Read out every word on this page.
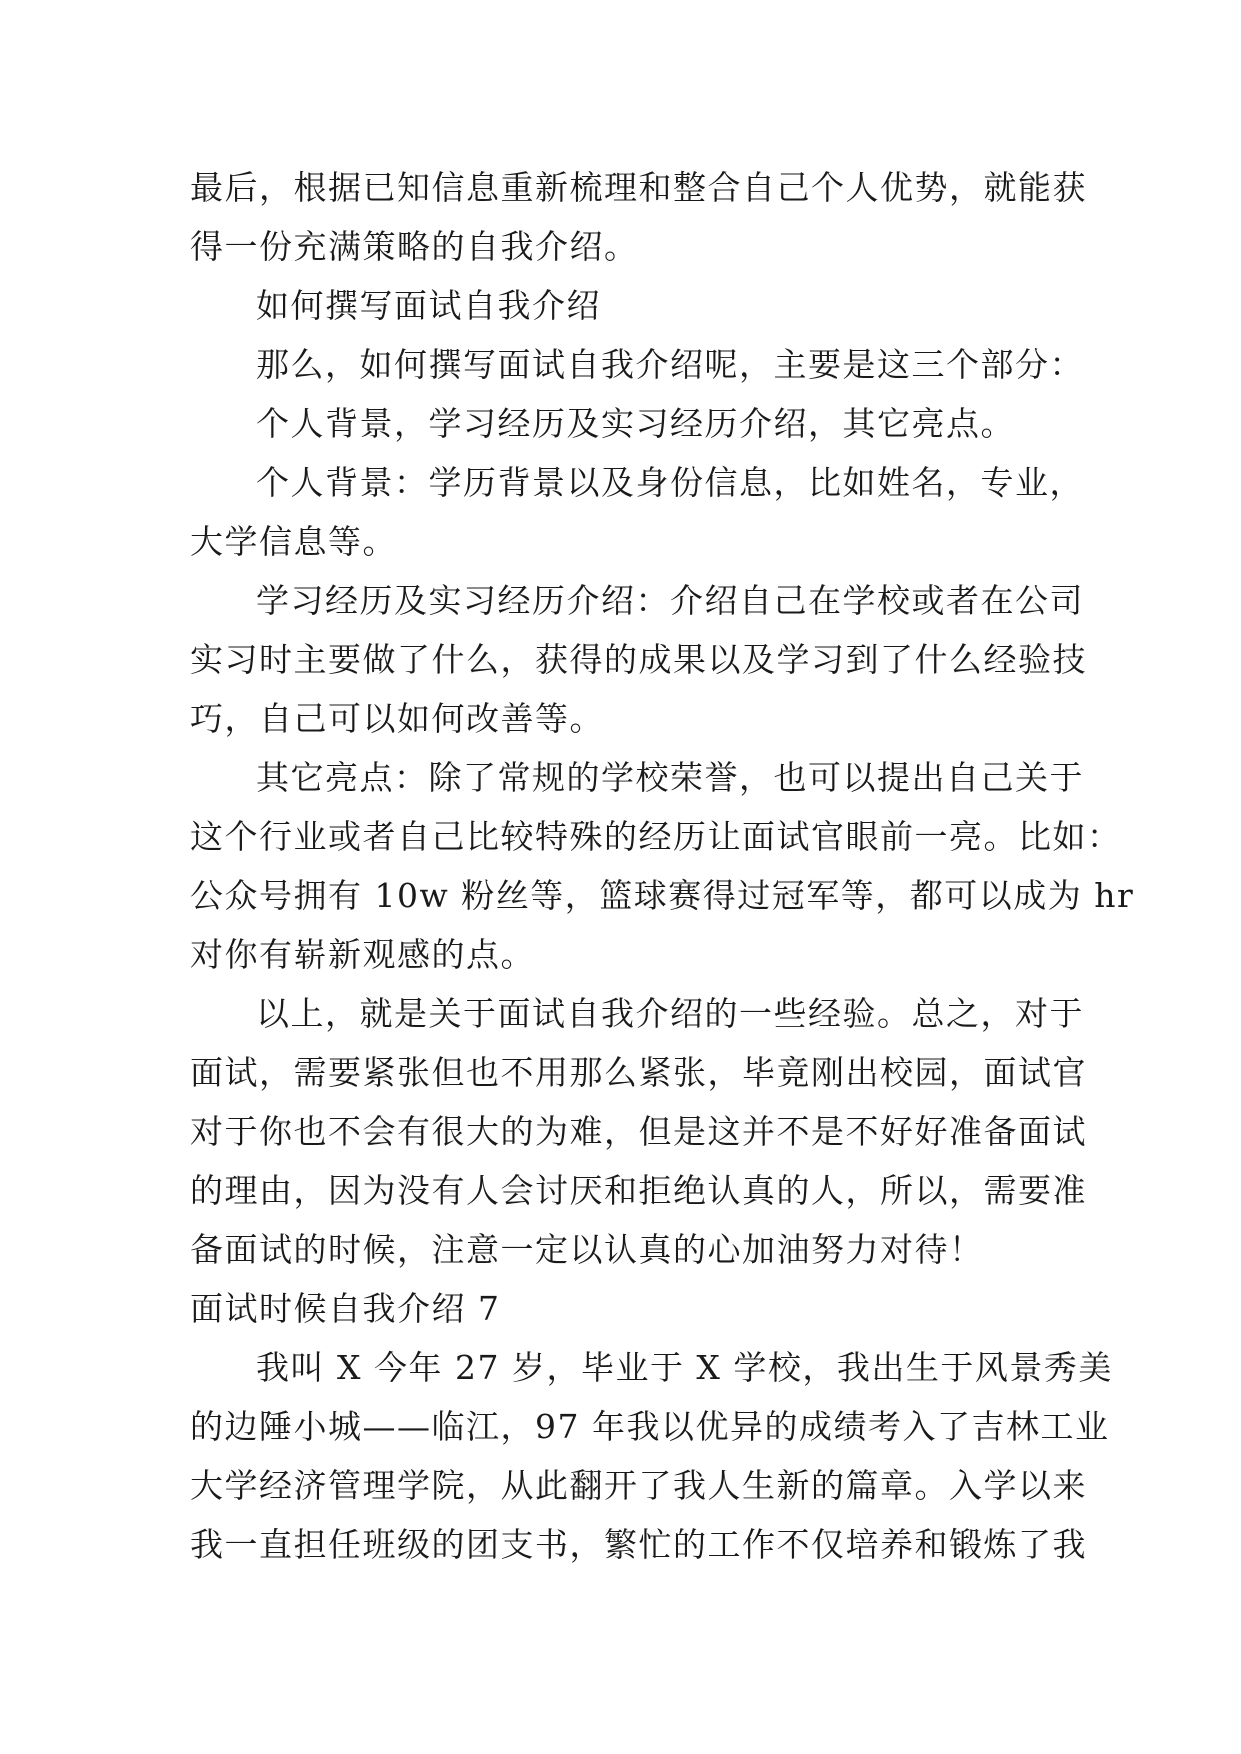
最后，根据已知信息重新梳理和整合自己个人优势，就能获
得一份充满策略的自我介绍。
如何撰写面试自我介绍
那么，如何撰写面试自我介绍呢，主要是这三个部分：
个人背景，学习经历及实习经历介绍，其它亮点。
个人背景：学历背景以及身份信息，比如姓名，专业，
大学信息等。
学习经历及实习经历介绍：介绍自己在学校或者在公司
实习时主要做了什么，获得的成果以及学习到了什么经验技
巧，自己可以如何改善等。
其它亮点：除了常规的学校荣誉，也可以提出自己关于
这个行业或者自己比较特殊的经历让面试官眼前一亮。比如：
公众号拥有 10w 粉丝等，篮球赛得过冠军等，都可以成为 hr
对你有崭新观感的点。
以上，就是关于面试自我介绍的一些经验。总之，对于
面试，需要紧张但也不用那么紧张，毕竟刚出校园，面试官
对于你也不会有很大的为难，但是这并不是不好好准备面试
的理由，因为没有人会讨厌和拒绝认真的人，所以，需要准
备面试的时候，注意一定以认真的心加油努力对待！
面试时候自我介绍 7
我叫 X 今年 27 岁，毕业于 X 学校，我出生于风景秀美
的边陲小城——临江，97 年我以优异的成绩考入了吉林工业
大学经济管理学院，从此翻开了我人生新的篇章。入学以来
我一直担任班级的团支书，繁忙的工作不仅培养和锻炼了我
